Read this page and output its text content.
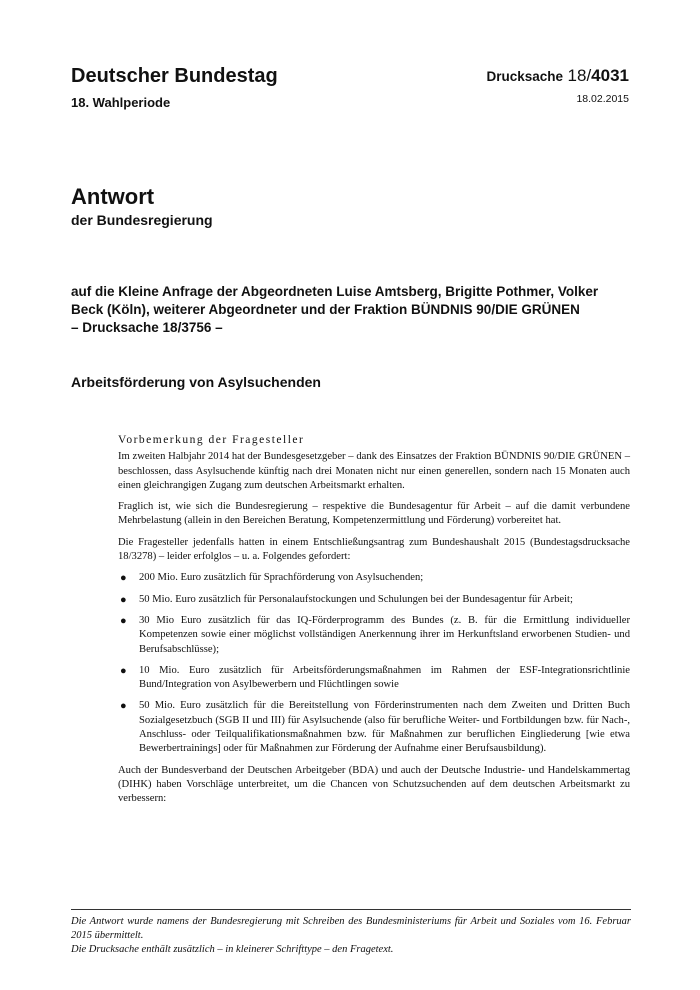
Deutscher Bundestag
18. Wahlperiode
Drucksache 18/4031
18.02.2015
Antwort
der Bundesregierung
auf die Kleine Anfrage der Abgeordneten Luise Amtsberg, Brigitte Pothmer, Volker
Beck (Köln), weiterer Abgeordneter und der Fraktion BÜNDNIS 90/DIE GRÜNEN
– Drucksache 18/3756 –
Arbeitsförderung von Asylsuchenden
Vorbemerkung der Fragesteller

Im zweiten Halbjahr 2014 hat der Bundesgesetzgeber – dank des Einsatzes der Fraktion BÜNDNIS 90/DIE GRÜNEN – beschlossen, dass Asylsuchende künftig nach drei Monaten nicht nur einen generellen, sondern nach 15 Monaten auch einen gleichrangigen Zugang zum deutschen Arbeitsmarkt erhalten.

Fraglich ist, wie sich die Bundesregierung – respektive die Bundesagentur für Arbeit – auf die damit verbundene Mehrbelastung (allein in den Bereichen Beratung, Kompetenzermittlung und Förderung) vorbereitet hat.

Die Fragesteller jedenfalls hatten in einem Entschließungsantrag zum Bundeshaushalt 2015 (Bundestagsdrucksache 18/3278) – leider erfolglos – u. a. Folgendes gefordert:

● 200 Mio. Euro zusätzlich für Sprachförderung von Asylsuchenden;
● 50 Mio. Euro zusätzlich für Personalaufstockungen und Schulungen bei der Bundesagentur für Arbeit;
● 30 Mio Euro zusätzlich für das IQ-Förderprogramm des Bundes (z. B. für die Ermittlung individueller Kompetenzen sowie einer möglichst vollständigen Anerkennung ihrer im Herkunftsland erworbenen Studien- und Berufsabschlüsse);
● 10 Mio. Euro zusätzlich für Arbeitsförderungsmaßnahmen im Rahmen der ESF-Integrationsrichtlinie Bund/Integration von Asylbewerbern und Flüchtlingen sowie
● 50 Mio. Euro zusätzlich für die Bereitstellung von Förderinstrumenten nach dem Zweiten und Dritten Buch Sozialgesetzbuch (SGB II und III) für Asylsuchende (also für berufliche Weiter- und Fortbildungen bzw. für Nach-, Anschluss- oder Teilqualifikationsmaßnahmen bzw. für Maßnahmen zur beruflichen Eingliederung [wie etwa Bewerbertrainings] oder für Maßnahmen zur Förderung der Aufnahme einer Berufsausbildung).

Auch der Bundesverband der Deutschen Arbeitgeber (BDA) und auch der Deutsche Industrie- und Handelskammertag (DIHK) haben Vorschläge unterbreitet, um die Chancen von Schutzsuchenden auf dem deutschen Arbeitsmarkt zu verbessern:

Die Antwort wurde namens der Bundesregierung mit Schreiben des Bundesministeriums für Arbeit und Soziales vom 16. Februar 2015 übermittelt.

Die Drucksache enthält zusätzlich – in kleinerer Schrifttype – den Fragetext.
